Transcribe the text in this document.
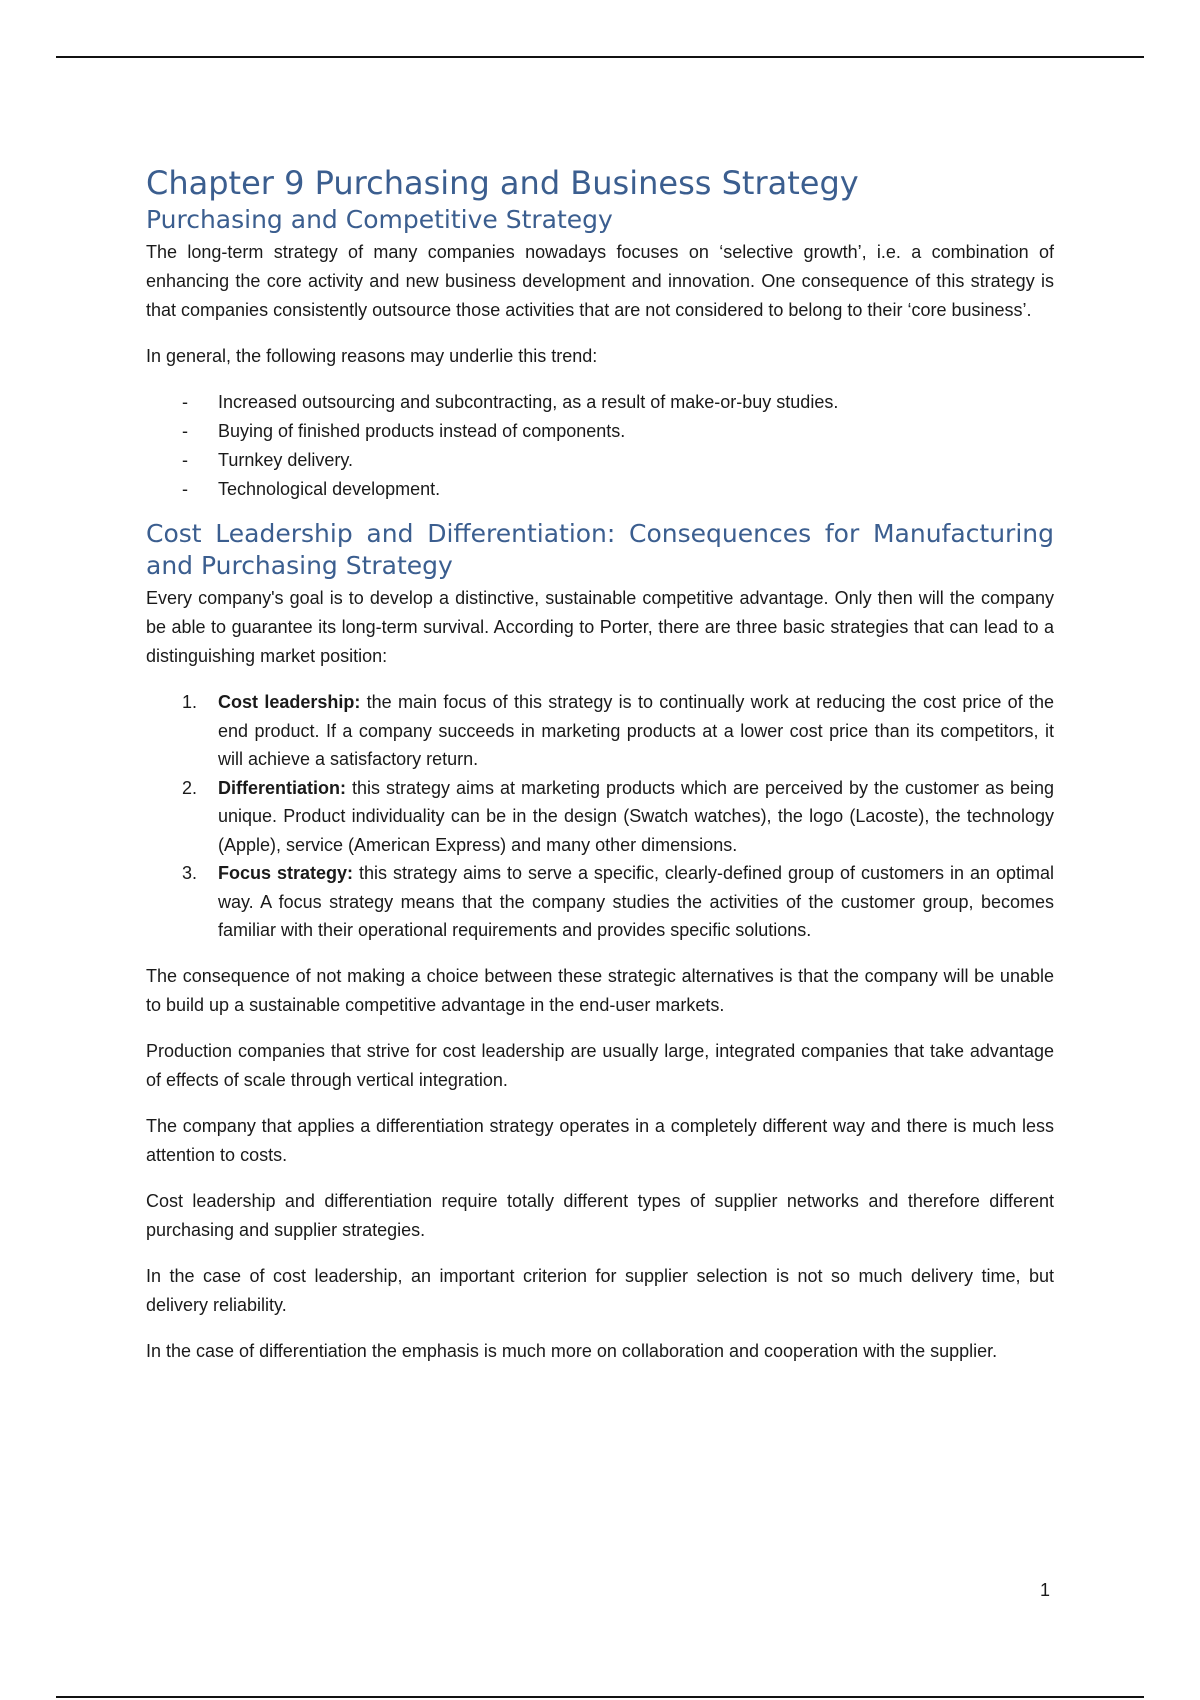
Chapter 9 Purchasing and Business Strategy
Purchasing and Competitive Strategy

The long-term strategy of many companies nowadays focuses on ‘selective growth’, i.e. a combination of enhancing the core activity and new business development and innovation. One consequence of this strategy is that companies consistently outsource those activities that are not considered to belong to their ‘core business’.

In general, the following reasons may underlie this trend:

- Increased outsourcing and subcontracting, as a result of make-or-buy studies.
- Buying of finished products instead of components.
- Turnkey delivery.
- Technological development.
Cost Leadership and Differentiation: Consequences for Manufacturing and Purchasing Strategy

Every company's goal is to develop a distinctive, sustainable competitive advantage. Only then will the company be able to guarantee its long-term survival. According to Porter, there are three basic strategies that can lead to a distinguishing market position:

1. Cost leadership: the main focus of this strategy is to continually work at reducing the cost price of the end product. If a company succeeds in marketing products at a lower cost price than its competitors, it will achieve a satisfactory return.
2. Differentiation: this strategy aims at marketing products which are perceived by the customer as being unique. Product individuality can be in the design (Swatch watches), the logo (Lacoste), the technology (Apple), service (American Express) and many other dimensions.
3. Focus strategy: this strategy aims to serve a specific, clearly-defined group of customers in an optimal way. A focus strategy means that the company studies the activities of the customer group, becomes familiar with their operational requirements and provides specific solutions.

The consequence of not making a choice between these strategic alternatives is that the company will be unable to build up a sustainable competitive advantage in the end-user markets.

Production companies that strive for cost leadership are usually large, integrated companies that take advantage of effects of scale through vertical integration.

The company that applies a differentiation strategy operates in a completely different way and there is much less attention to costs.

Cost leadership and differentiation require totally different types of supplier networks and therefore different purchasing and supplier strategies.

In the case of cost leadership, an important criterion for supplier selection is not so much delivery time, but delivery reliability.

In the case of differentiation the emphasis is much more on collaboration and cooperation with the supplier.

1
